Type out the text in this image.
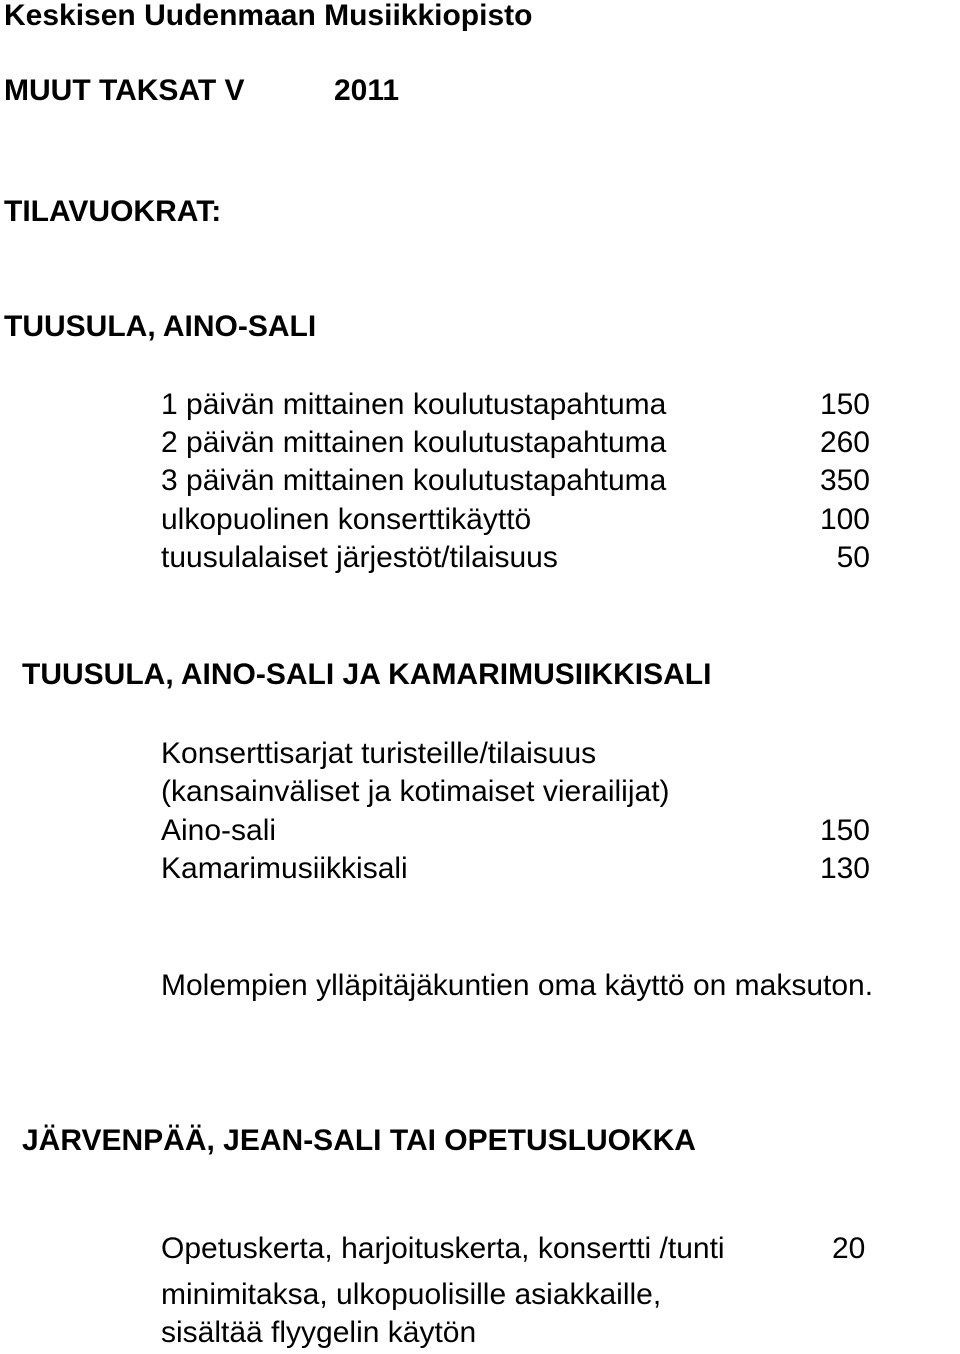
Keskisen Uudenmaan Musiikkiopisto
MUUT TAKSAT V	2011
TILAVUOKRAT:
TUUSULA, AINO-SALI
1 päivän mittainen koulutustapahtuma	150
2 päivän mittainen koulutustapahtuma	260
3 päivän mittainen koulutustapahtuma	350
ulkopuolinen konserttikäyttö	100
tuusulalaiset järjestöt/tilaisuus	50
TUUSULA, AINO-SALI JA KAMARIMUSIIKKISALI
Konserttisarjat turisteille/tilaisuus
(kansainväliset ja kotimaiset vierailijat)
Aino-sali	150
Kamarimusiikkisali	130
Molempien ylläpitäjäkuntien oma käyttö on maksuton.
JÄRVENPÄÄ, JEAN-SALI TAI OPETUSLUOKKA
Opetuskerta, harjoituskerta, konsertti /tunti	20
minimitaksa, ulkopuolisille asiakkaille,
sisältää flyygelin käytön
